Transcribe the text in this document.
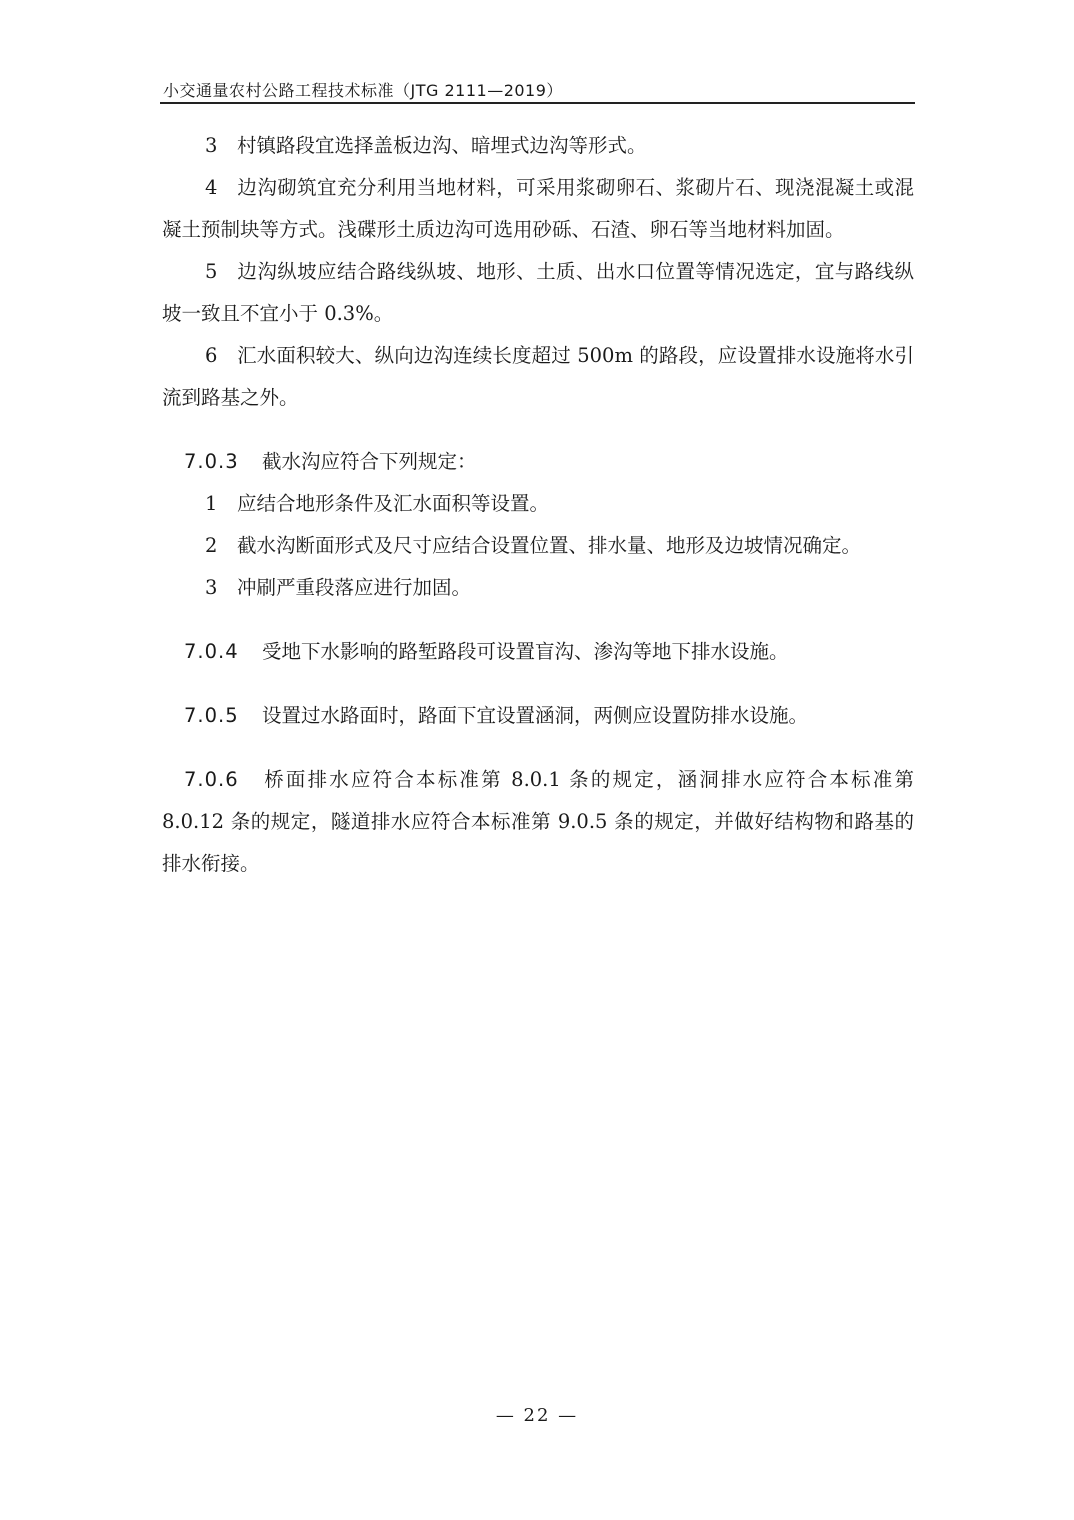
小交通量农村公路工程技术标准（JTG 2111—2019）

3 村镇路段宜选择盖板边沟、暗埋式边沟等形式。

4 边沟砌筑宜充分利用当地材料，可采用浆砌卵石、浆砌片石、现浇混凝土或混凝土预制块等方式。浅碟形土质边沟可选用砂砾、石渣、卵石等当地材料加固。

5 边沟纵坡应结合路线纵坡、地形、土质、出水口位置等情况选定，宜与路线纵坡一致且不宜小于 0.3%。

6 汇水面积较大、纵向边沟连续长度超过 500m 的路段，应设置排水设施将水引流到路基之外。

7.0.3 截水沟应符合下列规定：

1 应结合地形条件及汇水面积等设置。

2 截水沟断面形式及尺寸应结合设置位置、排水量、地形及边坡情况确定。

3 冲刷严重段落应进行加固。

7.0.4 受地下水影响的路堑路段可设置盲沟、渗沟等地下排水设施。

7.0.5 设置过水路面时，路面下宜设置涵洞，两侧应设置防排水设施。

7.0.6 桥面排水应符合本标准第 8.0.1 条的规定，涵洞排水应符合本标准第 8.0.12 条的规定，隧道排水应符合本标准第 9.0.5 条的规定，并做好结构物和路基的排水衔接。

— 22 —
